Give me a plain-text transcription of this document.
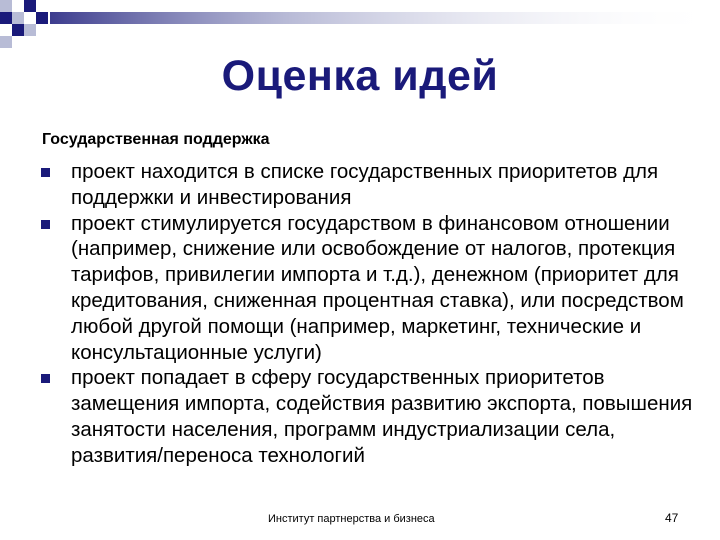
Оценка идей
Государственная поддержка
проект находится в списке государственных приоритетов для поддержки и инвестирования
проект стимулируется государством в финансовом отношении (например, снижение или освобождение от налогов, протекция тарифов, привилегии импорта и т.д.), денежном (приоритет для кредитования, сниженная процентная ставка), или посредством любой другой помощи (например, маркетинг, технические и консультационные услуги)
проект попадает в сферу государственных приоритетов замещения импорта, содействия развитию экспорта, повышения занятости населения, программ индустриализации села, развития/переноса технологий
Институт партнерства и бизнеса	47
